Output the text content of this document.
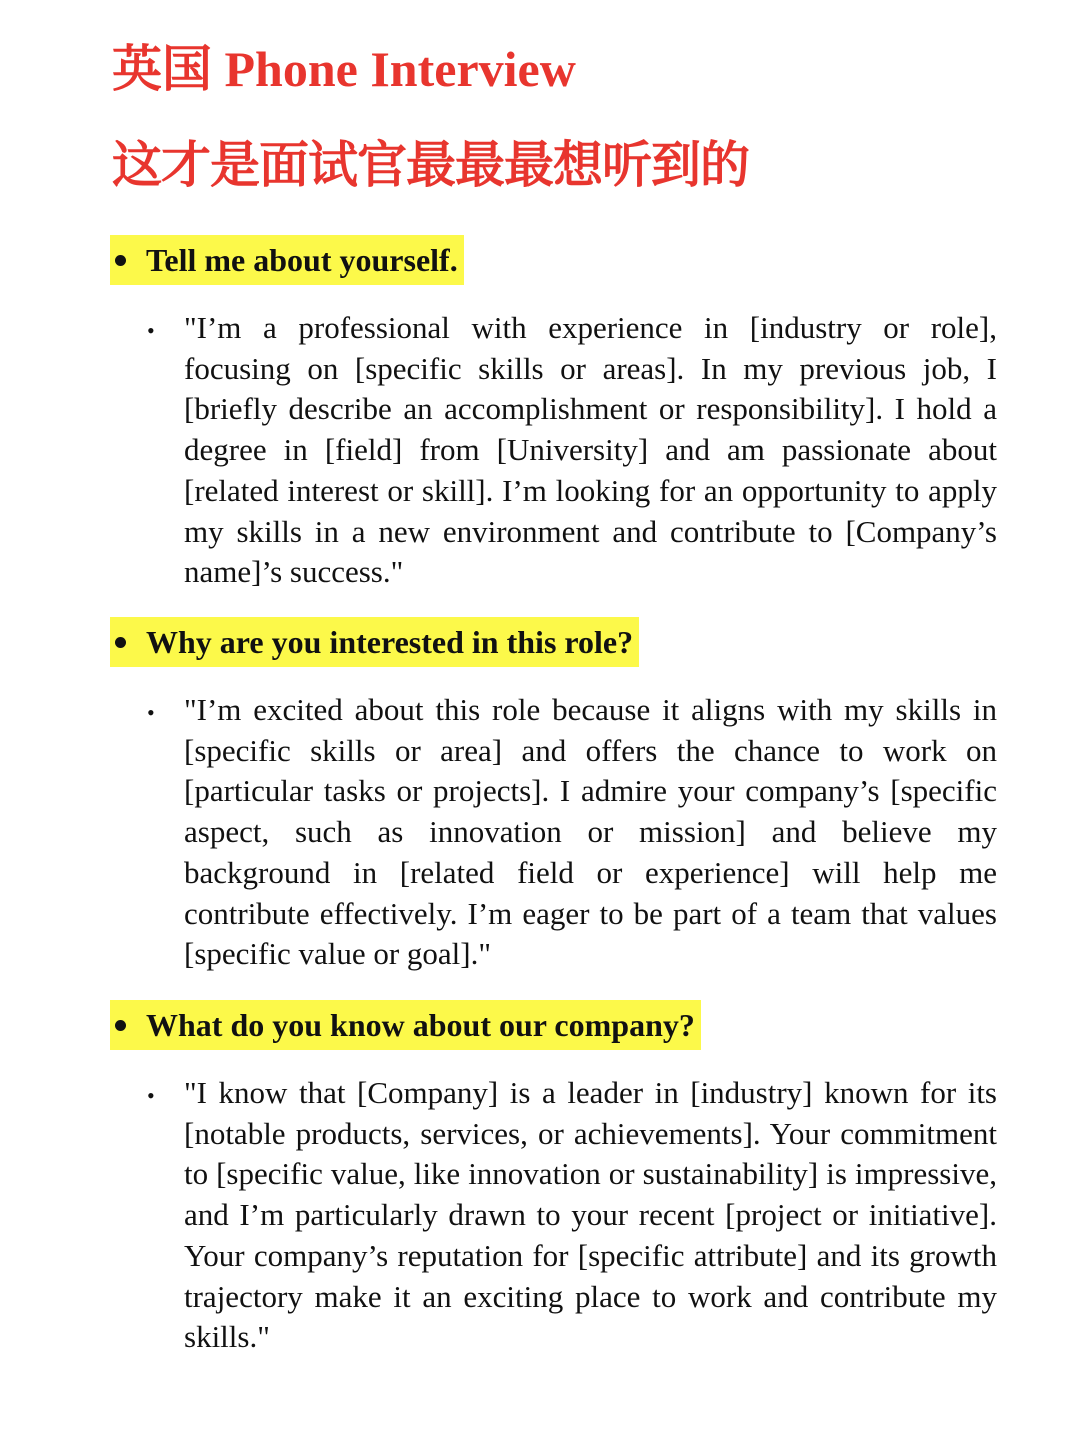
英国 Phone Interview
这才是面试官最最最想听到的
Tell me about yourself.
• "I’m a professional with experience in [industry or role], focusing on [specific skills or areas]. In my previous job, I [briefly describe an accomplishment or responsibility]. I hold a degree in [field] from [University] and am passionate about [related interest or skill]. I’m looking for an opportunity to apply my skills in a new environment and contribute to [Company’s name]’s success."
Why are you interested in this role?
• "I’m excited about this role because it aligns with my skills in [specific skills or area] and offers the chance to work on [particular tasks or projects]. I admire your company’s [specific aspect, such as innovation or mission] and believe my background in [related field or experience] will help me contribute effectively. I’m eager to be part of a team that values [specific value or goal]."
What do you know about our company?
• "I know that [Company] is a leader in [industry] known for its [notable products, services, or achievements]. Your commitment to [specific value, like innovation or sustainability] is impressive, and I’m particularly drawn to your recent [project or initiative]. Your company’s reputation for [specific attribute] and its growth trajectory make it an exciting place to work and contribute my skills."
